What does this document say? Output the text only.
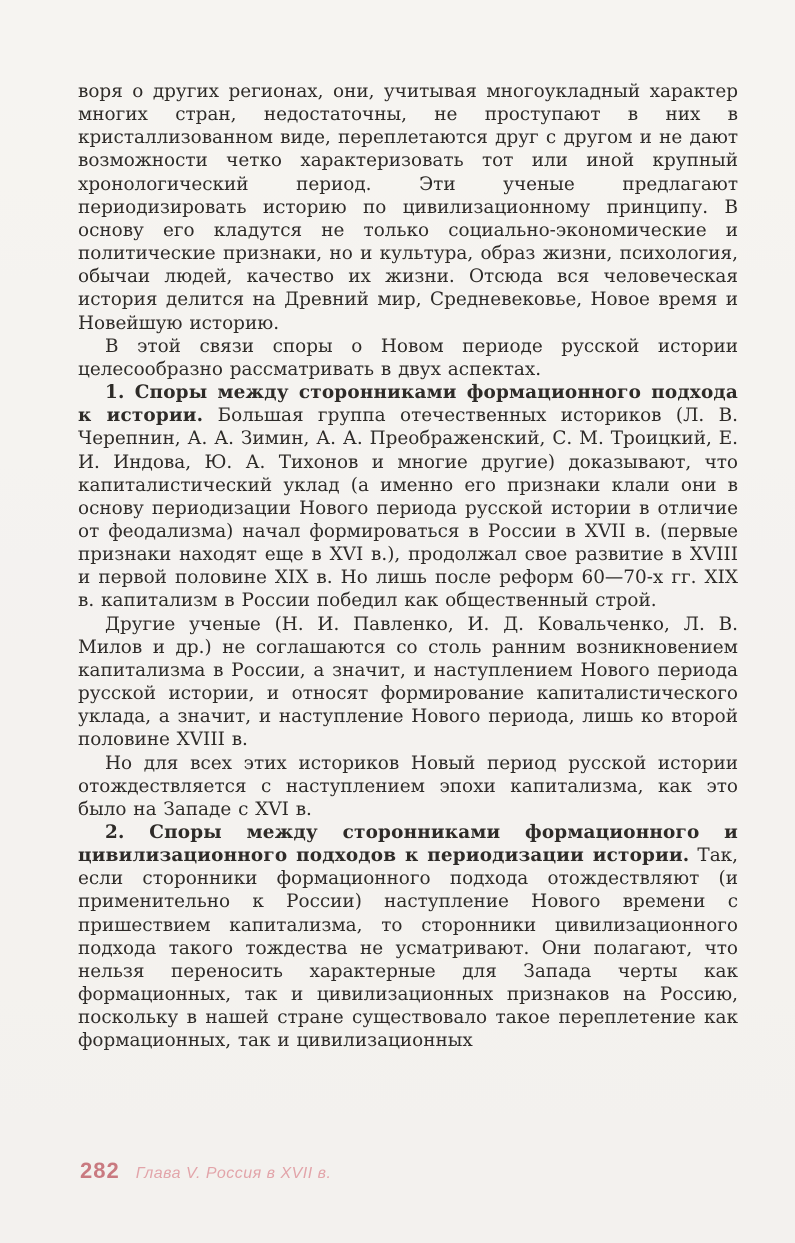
воря о других регионах, они, учитывая многоукладный характер многих стран, недостаточны, не проступают в них в кристаллизованном виде, переплетаются друг с другом и не дают возможности четко характеризовать тот или иной крупный хронологический период. Эти ученые предлагают периодизировать историю по цивилизационному принципу. В основу его кладутся не только социально-экономические и политические признаки, но и культура, образ жизни, психология, обычаи людей, качество их жизни. Отсюда вся человеческая история делится на Древний мир, Средневековье, Новое время и Новейшую историю.

В этой связи споры о Новом периоде русской истории целесообразно рассматривать в двух аспектах.

1. Споры между сторонниками формационного подхода к истории. Большая группа отечественных историков (Л. В. Черепнин, А. А. Зимин, А. А. Преображенский, С. М. Троицкий, Е. И. Индова, Ю. А. Тихонов и многие другие) доказывают, что капиталистический уклад (а именно его признаки клали они в основу периодизации Нового периода русской истории в отличие от феодализма) начал формироваться в России в XVII в. (первые признаки находят еще в XVI в.), продолжал свое развитие в XVIII и первой половине XIX в. Но лишь после реформ 60—70-х гг. XIX в. капитализм в России победил как общественный строй.

Другие ученые (Н. И. Павленко, И. Д. Ковальченко, Л. В. Милов и др.) не соглашаются со столь ранним возникновением капитализма в России, а значит, и наступлением Нового периода русской истории, и относят формирование капиталистического уклада, а значит, и наступление Нового периода, лишь ко второй половине XVIII в.

Но для всех этих историков Новый период русской истории отождествляется с наступлением эпохи капитализма, как это было на Западе с XVI в.

2. Споры между сторонниками формационного и цивилизационного подходов к периодизации истории. Так, если сторонники формационного подхода отождествляют (и применительно к России) наступление Нового времени с пришествием капитализма, то сторонники цивилизационного подхода такого тождества не усматривают. Они полагают, что нельзя переносить характерные для Запада черты как формационных, так и цивилизационных признаков на Россию, поскольку в нашей стране существовало такое переплетение как формационных, так и цивилизационных

282 Глава V. Россия в XVII в.
